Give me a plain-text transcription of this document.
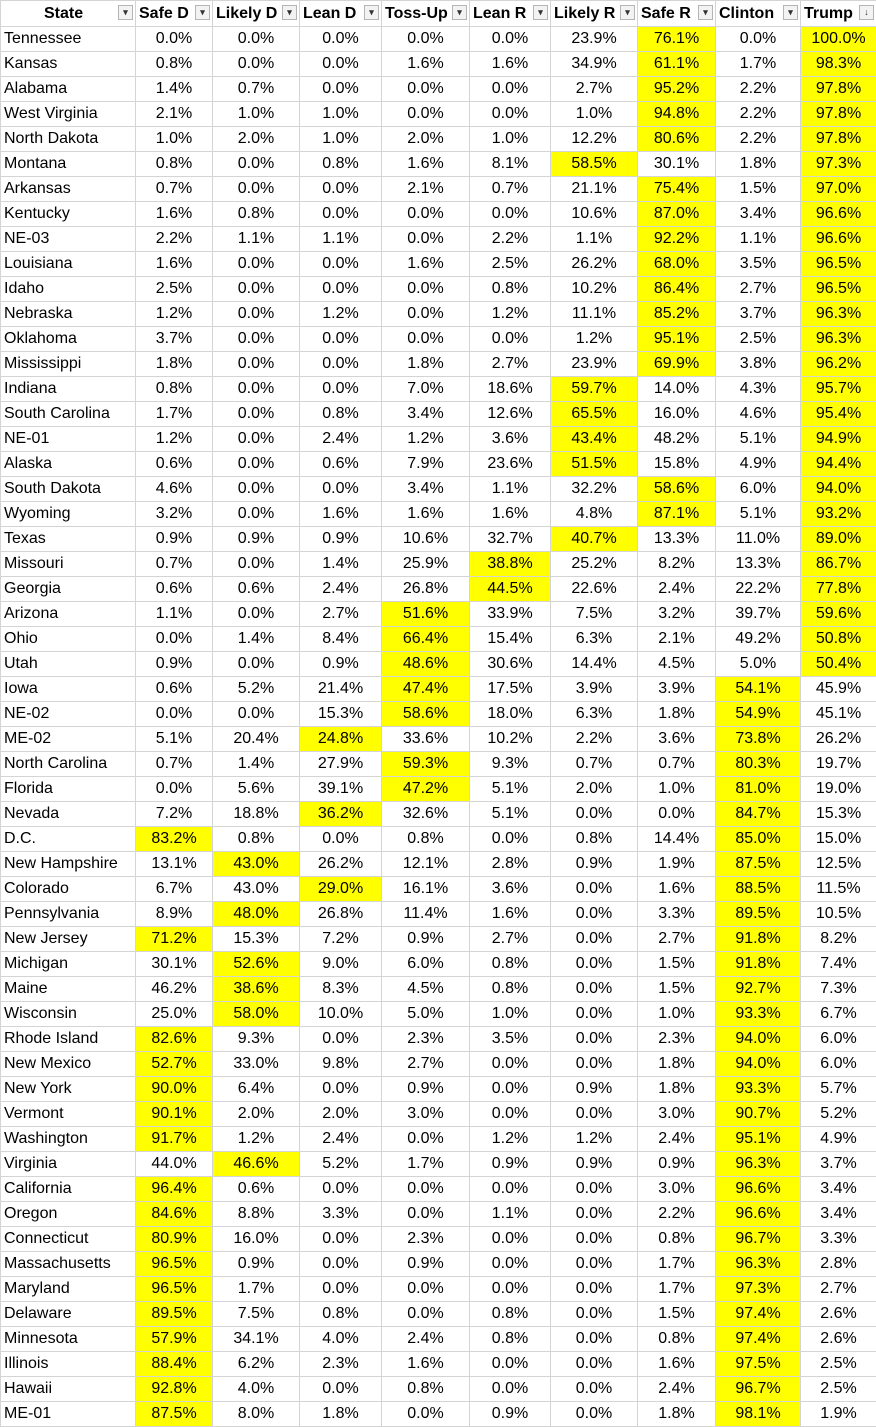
State ▾	Safe D ▾	Likely D ▾	Lean D ▾	Toss-Up ▾	Lean R ▾	Likely R ▾	Safe R ▾	Clinton ▾	Trump ↓

Tennessee	0.0%	0.0%	0.0%	0.0%	0.0%	23.9%	76.1%	0.0%	100.0%
Kansas	0.8%	0.0%	0.0%	1.6%	1.6%	34.9%	61.1%	1.7%	98.3%
Alabama	1.4%	0.7%	0.0%	0.0%	0.0%	2.7%	95.2%	2.2%	97.8%
West Virginia	2.1%	1.0%	1.0%	0.0%	0.0%	1.0%	94.8%	2.2%	97.8%
North Dakota	1.0%	2.0%	1.0%	2.0%	1.0%	12.2%	80.6%	2.2%	97.8%
Montana	0.8%	0.0%	0.8%	1.6%	8.1%	58.5%	30.1%	1.8%	97.3%
Arkansas	0.7%	0.0%	0.0%	2.1%	0.7%	21.1%	75.4%	1.5%	97.0%
Kentucky	1.6%	0.8%	0.0%	0.0%	0.0%	10.6%	87.0%	3.4%	96.6%
NE-03	2.2%	1.1%	1.1%	0.0%	2.2%	1.1%	92.2%	1.1%	96.6%
Louisiana	1.6%	0.0%	0.0%	1.6%	2.5%	26.2%	68.0%	3.5%	96.5%
Idaho	2.5%	0.0%	0.0%	0.0%	0.8%	10.2%	86.4%	2.7%	96.5%
Nebraska	1.2%	0.0%	1.2%	0.0%	1.2%	11.1%	85.2%	3.7%	96.3%
Oklahoma	3.7%	0.0%	0.0%	0.0%	0.0%	1.2%	95.1%	2.5%	96.3%
Mississippi	1.8%	0.0%	0.0%	1.8%	2.7%	23.9%	69.9%	3.8%	96.2%
Indiana	0.8%	0.0%	0.0%	7.0%	18.6%	59.7%	14.0%	4.3%	95.7%
South Carolina	1.7%	0.0%	0.8%	3.4%	12.6%	65.5%	16.0%	4.6%	95.4%
NE-01	1.2%	0.0%	2.4%	1.2%	3.6%	43.4%	48.2%	5.1%	94.9%
Alaska	0.6%	0.0%	0.6%	7.9%	23.6%	51.5%	15.8%	4.9%	94.4%
South Dakota	4.6%	0.0%	0.0%	3.4%	1.1%	32.2%	58.6%	6.0%	94.0%
Wyoming	3.2%	0.0%	1.6%	1.6%	1.6%	4.8%	87.1%	5.1%	93.2%
Texas	0.9%	0.9%	0.9%	10.6%	32.7%	40.7%	13.3%	11.0%	89.0%
Missouri	0.7%	0.0%	1.4%	25.9%	38.8%	25.2%	8.2%	13.3%	86.7%
Georgia	0.6%	0.6%	2.4%	26.8%	44.5%	22.6%	2.4%	22.2%	77.8%
Arizona	1.1%	0.0%	2.7%	51.6%	33.9%	7.5%	3.2%	39.7%	59.6%
Ohio	0.0%	1.4%	8.4%	66.4%	15.4%	6.3%	2.1%	49.2%	50.8%
Utah	0.9%	0.0%	0.9%	48.6%	30.6%	14.4%	4.5%	5.0%	50.4%
Iowa	0.6%	5.2%	21.4%	47.4%	17.5%	3.9%	3.9%	54.1%	45.9%
NE-02	0.0%	0.0%	15.3%	58.6%	18.0%	6.3%	1.8%	54.9%	45.1%
ME-02	5.1%	20.4%	24.8%	33.6%	10.2%	2.2%	3.6%	73.8%	26.2%
North Carolina	0.7%	1.4%	27.9%	59.3%	9.3%	0.7%	0.7%	80.3%	19.7%
Florida	0.0%	5.6%	39.1%	47.2%	5.1%	2.0%	1.0%	81.0%	19.0%
Nevada	7.2%	18.8%	36.2%	32.6%	5.1%	0.0%	0.0%	84.7%	15.3%
D.C.	83.2%	0.8%	0.0%	0.8%	0.0%	0.8%	14.4%	85.0%	15.0%
New Hampshire	13.1%	43.0%	26.2%	12.1%	2.8%	0.9%	1.9%	87.5%	12.5%
Colorado	6.7%	43.0%	29.0%	16.1%	3.6%	0.0%	1.6%	88.5%	11.5%
Pennsylvania	8.9%	48.0%	26.8%	11.4%	1.6%	0.0%	3.3%	89.5%	10.5%
New Jersey	71.2%	15.3%	7.2%	0.9%	2.7%	0.0%	2.7%	91.8%	8.2%
Michigan	30.1%	52.6%	9.0%	6.0%	0.8%	0.0%	1.5%	91.8%	7.4%
Maine	46.2%	38.6%	8.3%	4.5%	0.8%	0.0%	1.5%	92.7%	7.3%
Wisconsin	25.0%	58.0%	10.0%	5.0%	1.0%	0.0%	1.0%	93.3%	6.7%
Rhode Island	82.6%	9.3%	0.0%	2.3%	3.5%	0.0%	2.3%	94.0%	6.0%
New Mexico	52.7%	33.0%	9.8%	2.7%	0.0%	0.0%	1.8%	94.0%	6.0%
New York	90.0%	6.4%	0.0%	0.9%	0.0%	0.9%	1.8%	93.3%	5.7%
Vermont	90.1%	2.0%	2.0%	3.0%	0.0%	0.0%	3.0%	90.7%	5.2%
Washington	91.7%	1.2%	2.4%	0.0%	1.2%	1.2%	2.4%	95.1%	4.9%
Virginia	44.0%	46.6%	5.2%	1.7%	0.9%	0.9%	0.9%	96.3%	3.7%
California	96.4%	0.6%	0.0%	0.0%	0.0%	0.0%	3.0%	96.6%	3.4%
Oregon	84.6%	8.8%	3.3%	0.0%	1.1%	0.0%	2.2%	96.6%	3.4%
Connecticut	80.9%	16.0%	0.0%	2.3%	0.0%	0.0%	0.8%	96.7%	3.3%
Massachusetts	96.5%	0.9%	0.0%	0.9%	0.0%	0.0%	1.7%	96.3%	2.8%
Maryland	96.5%	1.7%	0.0%	0.0%	0.0%	0.0%	1.7%	97.3%	2.7%
Delaware	89.5%	7.5%	0.8%	0.0%	0.8%	0.0%	1.5%	97.4%	2.6%
Minnesota	57.9%	34.1%	4.0%	2.4%	0.8%	0.0%	0.8%	97.4%	2.6%
Illinois	88.4%	6.2%	2.3%	1.6%	0.0%	0.0%	1.6%	97.5%	2.5%
Hawaii	92.8%	4.0%	0.0%	0.8%	0.0%	0.0%	2.4%	96.7%	2.5%
ME-01	87.5%	8.0%	1.8%	0.0%	0.9%	0.0%	1.8%	98.1%	1.9%
